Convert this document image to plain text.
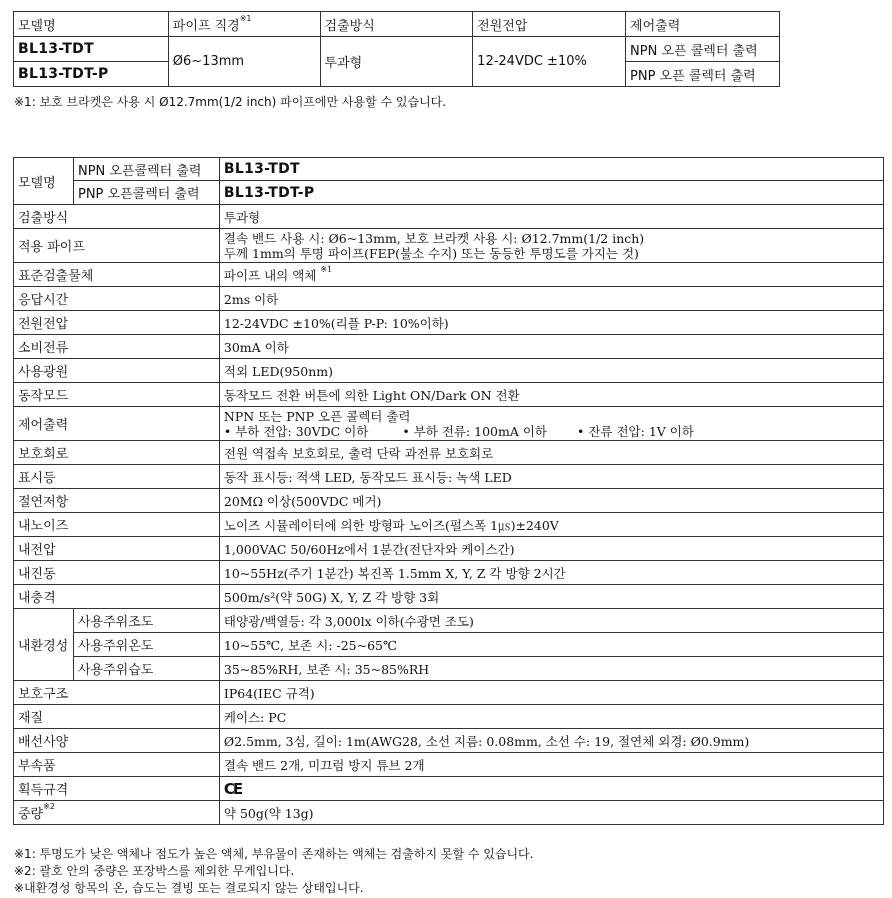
모델명	파이프 직경$^{※1}$	검출방식	전원전압	제어출력
BL13-TDT	Ø6~13mm	투과형	12-24VDC ±10%	NPN 오픈 콜렉터 출력
BL13-TDT-P				PNP 오픈 콜렉터 출력
※1: 보호 브라켓은 사용 시 Ø12.7mm(1/2 inch) 파이프에만 사용할 수 있습니다.
모델명	NPN 오픈콜렉터 출력	BL13-TDT
	PNP 오픈콜렉터 출력	BL13-TDT-P
검출방식		투과형
적용 파이프		결속 밴드 사용 시: Ø6~13mm, 보호 브라켓 사용 시: Ø12.7mm(1/2 inch)
두께 1mm의 투명 파이프(FEP(불소 수지) 또는 동등한 투명도를 가지는 것)

표준검출물체		파이프 내의 액체 $^{※1}$
응답시간		2ms 이하
전원전압		12-24VDC ±10%(리플 P-P: 10%이하)
소비전류		30mA 이하
사용광원		적외 LED(950nm)
동작모드		동작모드 전환 버튼에 의한 Light ON/Dark ON 전환
제어출력		NPN 또는 PNP 오픈 콜렉터 출력
• 부하 전압: 30VDC 이하 • 부하 전류: 100mA 이하 • 잔류 전압: 1V 이하

보호회로		전원 역접속 보호회로, 출력 단락 과전류 보호회로
표시등		동작 표시등: 적색 LED, 동작모드 표시등: 녹색 LED
절연저항		20MΩ 이상(500VDC 메거)
내노이즈		노이즈 시뮬레이터에 의한 방형파 노이즈(펄스폭 1㎲)±240V
내전압		1,000VAC 50/60Hz에서 1분간(전단자와 케이스간)
내진동		10~55Hz(주기 1분간) 복진폭 1.5mm X, Y, Z 각 방향 2시간
내충격		500m/s²(약 50G) X, Y, Z 각 방향 3회
내환경성	사용주위조도	태양광/백열등: 각 3,000lx 이하(수광면 조도)
	사용주위온도	10~55℃, 보존 시: -25~65℃
	사용주위습도	35~85%RH, 보존 시: 35~85%RH
보호구조		IP64(IEC 규격)
재질		케이스: PC
배선사양		Ø2.5mm, 3심, 길이: 1m(AWG28, 소선 지름: 0.08mm, 소선 수: 19, 절연체 외경: Ø0.9mm)
부속품		결속 밴드 2개, 미끄럼 방지 튜브 2개
획득규격		CE
중량$^{※2}$		약 50g(약 13g)
※1: 투명도가 낮은 액체나 점도가 높은 액체, 부유물이 존재하는 액체는 검출하지 못할 수 있습니다.
※2: 괄호 안의 중량은 포장박스를 제외한 무게입니다.
※내환경성 항목의 온, 습도는 결빙 또는 결로되지 않는 상태입니다.
